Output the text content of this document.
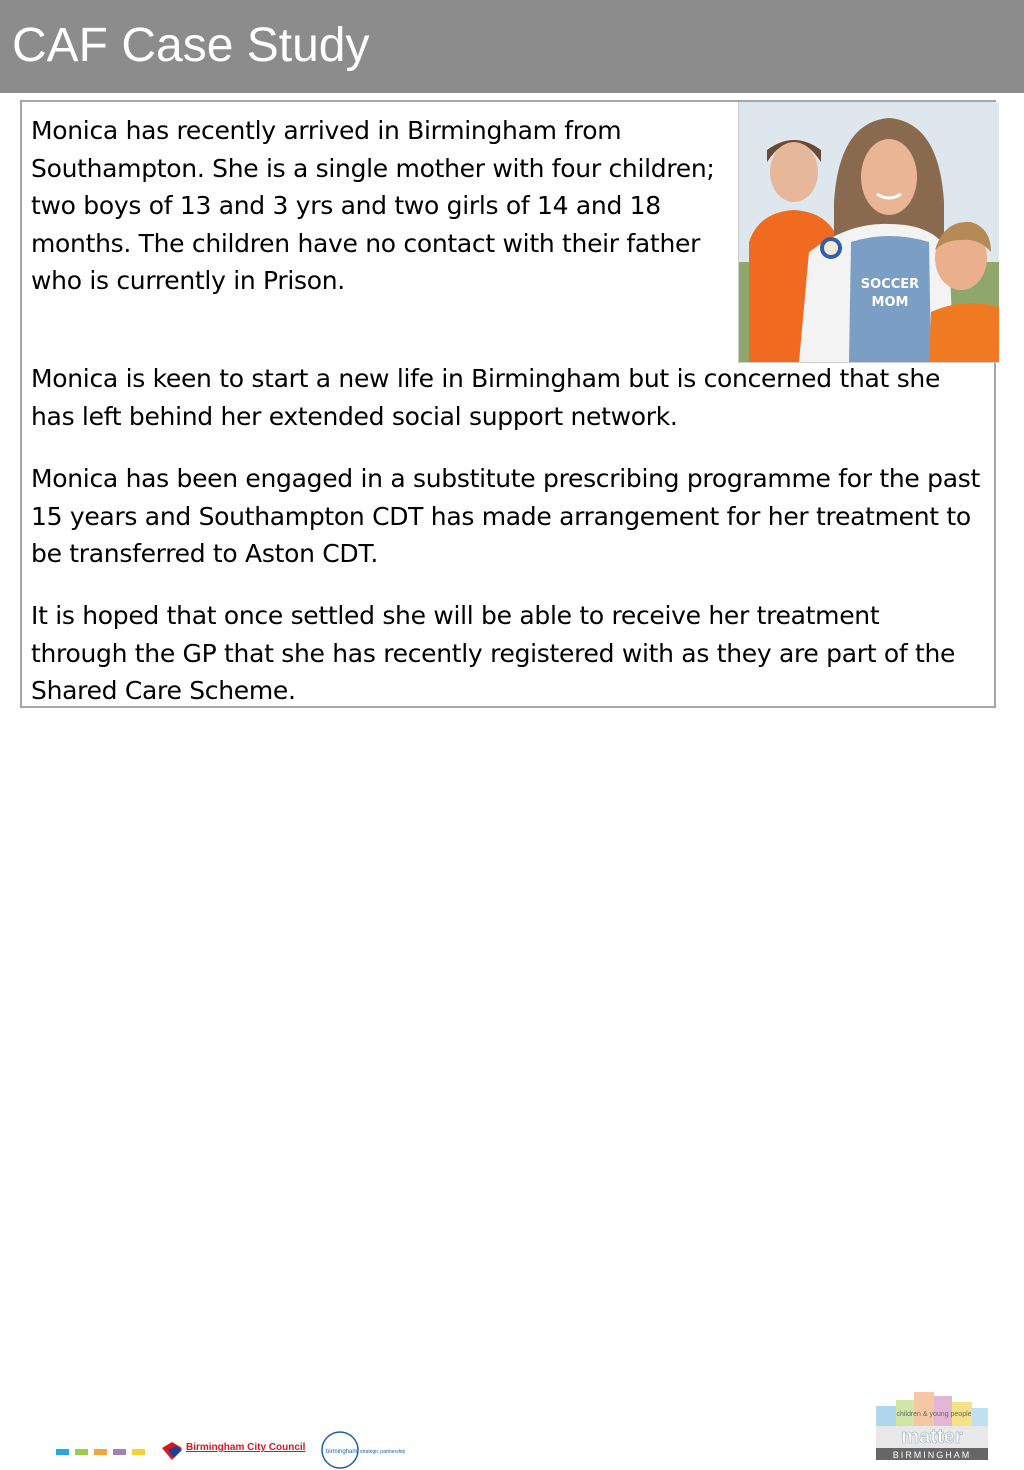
CAF Case Study

Monica has recently arrived in Birmingham from Southampton. She is a single mother with four children; two boys of 13 and 3 yrs and two girls of 14 and 18 months. The children have no contact with their father who is currently in Prison.

Monica is keen to start a new life in Birmingham but is concerned that she has left behind her extended social support network.

Monica has been engaged in a substitute prescribing programme for the past 15 years and Southampton CDT has made arrangement for her treatment to be transferred to Aston CDT.

It is hoped that once settled she will be able to receive her treatment through the GP that she has recently registered with as they are part of the Shared Care Scheme.

SOCCER
MOM
Birmingham City Council	birmingham strategic partnership
children & young people
matter
BIRMINGHAM
